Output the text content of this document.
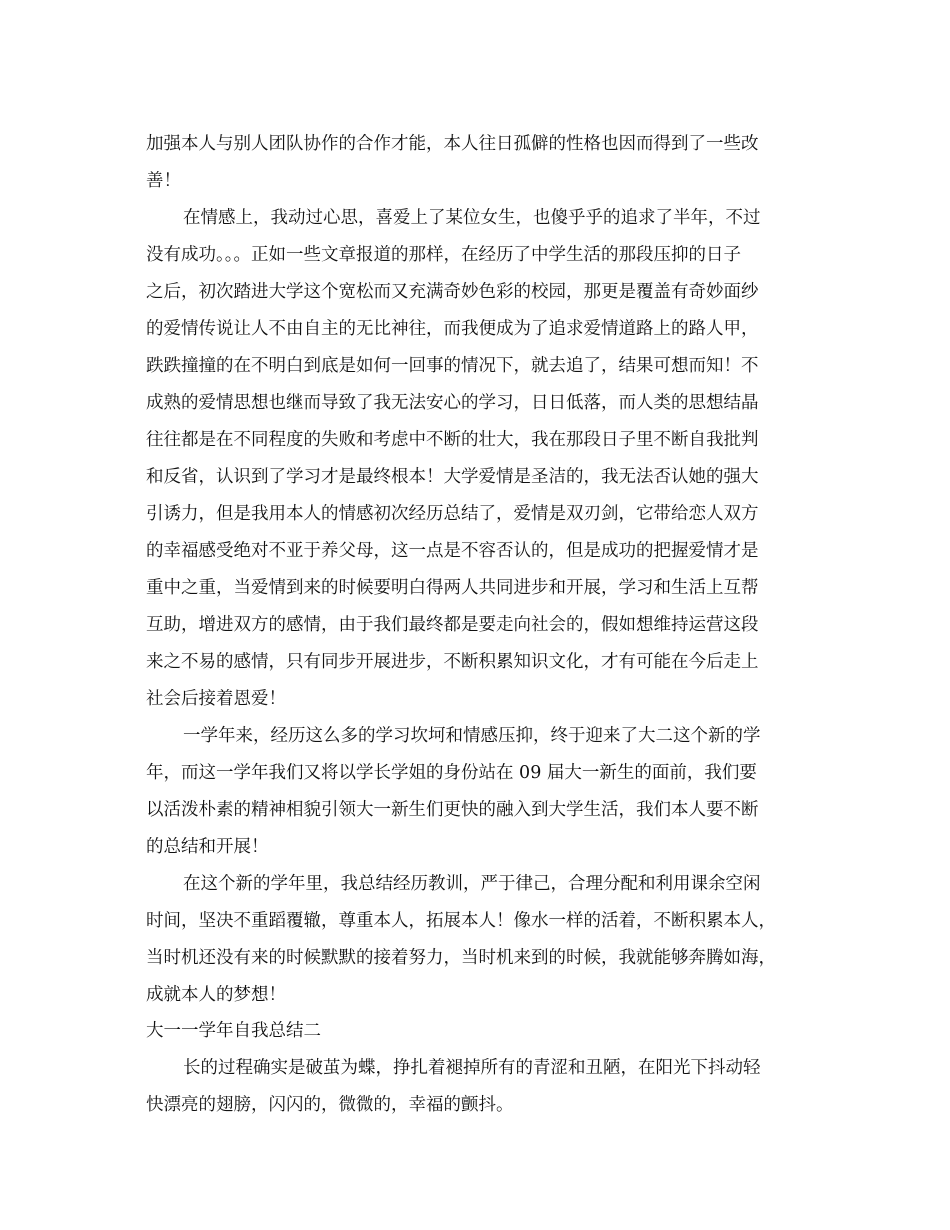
加强本人与别人团队协作的合作才能，本人往日孤僻的性格也因而得到了一些改
善！
在情感上，我动过心思，喜爱上了某位女生，也傻乎乎的追求了半年，不过
没有成功。。。正如一些文章报道的那样，在经历了中学生活的那段压抑的日子
之后，初次踏进大学这个宽松而又充满奇妙色彩的校园，那更是覆盖有奇妙面纱
的爱情传说让人不由自主的无比神往，而我便成为了追求爱情道路上的路人甲，
跌跌撞撞的在不明白到底是如何一回事的情况下，就去追了，结果可想而知！不
成熟的爱情思想也继而导致了我无法安心的学习，日日低落，而人类的思想结晶
往往都是在不同程度的失败和考虑中不断的壮大，我在那段日子里不断自我批判
和反省，认识到了学习才是最终根本！大学爱情是圣洁的，我无法否认她的强大
引诱力，但是我用本人的情感初次经历总结了，爱情是双刃剑，它带给恋人双方
的幸福感受绝对不亚于养父母，这一点是不容否认的，但是成功的把握爱情才是
重中之重，当爱情到来的时候要明白得两人共同进步和开展，学习和生活上互帮
互助，增进双方的感情，由于我们最终都是要走向社会的，假如想维持运营这段
来之不易的感情，只有同步开展进步，不断积累知识文化，才有可能在今后走上
社会后接着恩爱！
一学年来，经历这么多的学习坎坷和情感压抑，终于迎来了大二这个新的学
年，而这一学年我们又将以学长学姐的身份站在 09 届大一新生的面前，我们要
以活泼朴素的精神相貌引领大一新生们更快的融入到大学生活，我们本人要不断
的总结和开展！
在这个新的学年里，我总结经历教训，严于律己，合理分配和利用课余空闲
时间，坚决不重蹈覆辙，尊重本人，拓展本人！像水一样的活着，不断积累本人，
当时机还没有来的时候默默的接着努力，当时机来到的时候，我就能够奔腾如海，
成就本人的梦想！
大一一学年自我总结二
长的过程确实是破茧为蝶，挣扎着褪掉所有的青涩和丑陋，在阳光下抖动轻
快漂亮的翅膀，闪闪的，微微的，幸福的颤抖。
